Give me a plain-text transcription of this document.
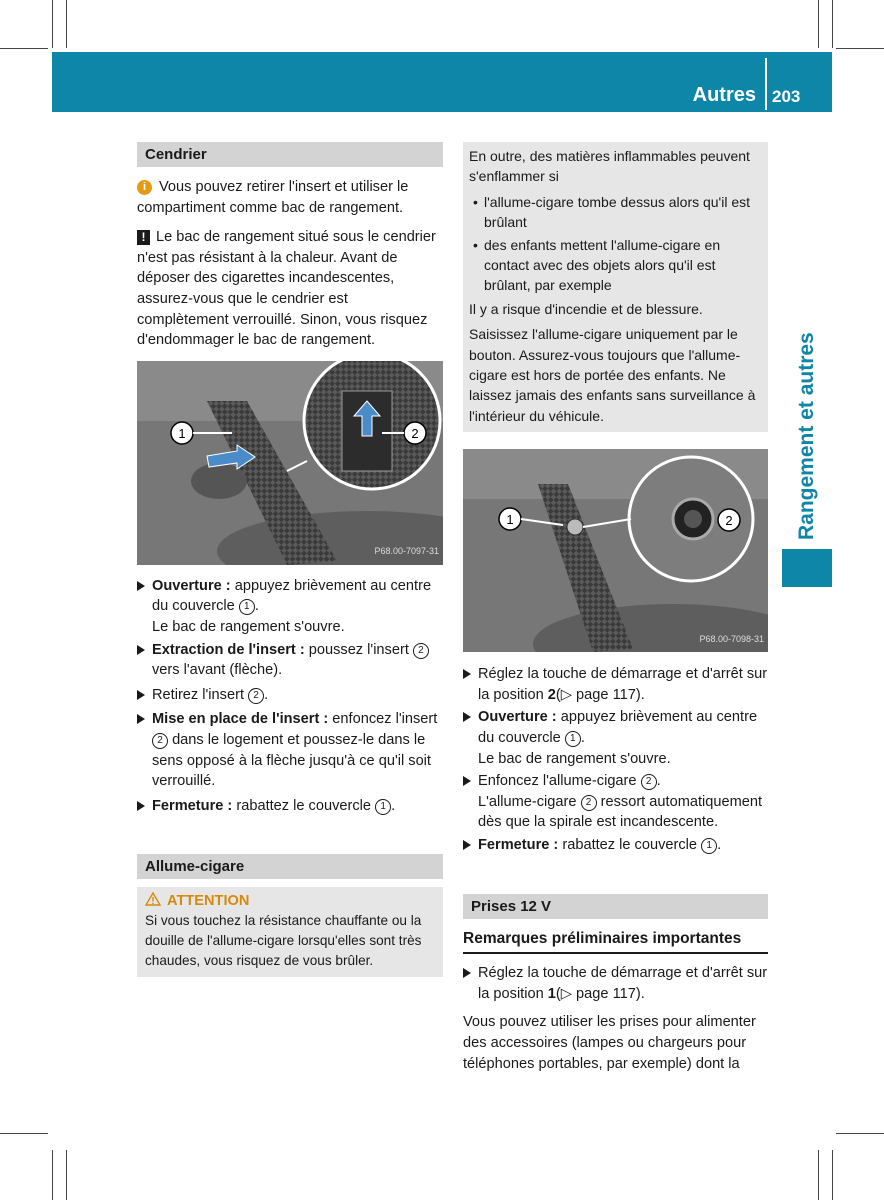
Autres 203
Rangement et autres
Cendrier

i Vous pouvez retirer l'insert et utiliser le compartiment comme bac de rangement.

! Le bac de rangement situé sous le cendrier n'est pas résistant à la chaleur. Avant de déposer des cigarettes incandescentes, assurez-vous que le cendrier est complètement verrouillé. Sinon, vous risquez d'endommager le bac de rangement.

1	2
P68.00-7097-31
Ouverture : appuyez brièvement au centre du couvercle 1 .
Le bac de rangement s'ouvre.
Extraction de l'insert : poussez l'insert 2 vers l'avant (flèche).
Retirez l'insert 2 .
Mise en place de l'insert : enfoncez l'insert 2 dans le logement et poussez-le dans le sens opposé à la flèche jusqu'à ce qu'il soit verrouillé.
Fermeture : rabattez le couvercle 1 .
Allume-cigare
ATTENTION
Si vous touchez la résistance chauffante ou la douille de l'allume-cigare lorsqu'elles sont très chaudes, vous risquez de vous brûler.
En outre, des matières inflammables peuvent s'enflammer si
• l'allume-cigare tombe dessus alors qu'il est brûlant
• des enfants mettent l'allume-cigare en contact avec des objets alors qu'il est brûlant, par exemple
Il y a risque d'incendie et de blessure.
Saisissez l'allume-cigare uniquement par le bouton. Assurez-vous toujours que l'allume-cigare est hors de portée des enfants. Ne laissez jamais des enfants sans surveillance à l'intérieur du véhicule.
1	2
P68.00-7098-31
Réglez la touche de démarrage et d'arrêt sur la position 2(▷ page 117).
Ouverture : appuyez brièvement au centre du couvercle 1 .
Le bac de rangement s'ouvre.
Enfoncez l'allume-cigare 2 .
L'allume-cigare 2 ressort automatiquement dès que la spirale est incandescente.
Fermeture : rabattez le couvercle 1 .
Prises 12 V
Remarques préliminaires importantes
Réglez la touche de démarrage et d'arrêt sur la position 1(▷ page 117).

Vous pouvez utiliser les prises pour alimenter des accessoires (lampes ou chargeurs pour téléphones portables, par exemple) dont la
